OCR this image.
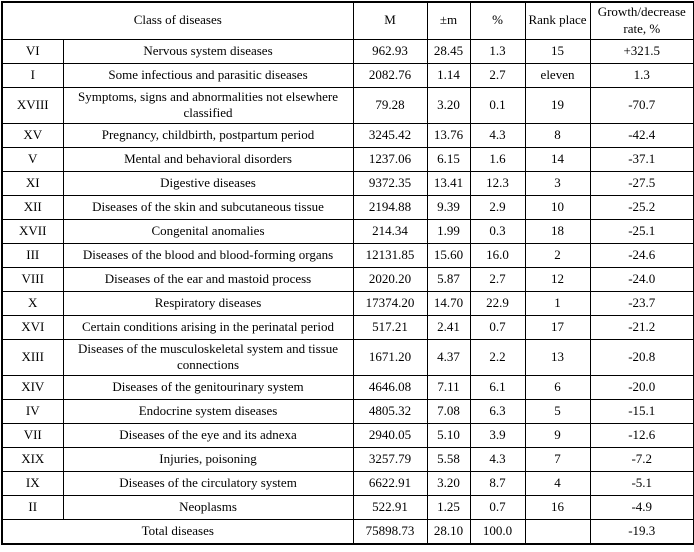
Class of diseases		M	±m	%	Rank place	Growth/decrease rate, %
VI	Nervous system diseases	962.93	28.45	1.3	15	+321.5
I	Some infectious and parasitic diseases	2082.76	1.14	2.7	eleven	1.3
XVIII	Symptoms, signs and abnormalities not elsewhere classified	79.28	3.20	0.1	19	-70.7
XV	Pregnancy, childbirth, postpartum period	3245.42	13.76	4.3	8	-42.4
V	Mental and behavioral disorders	1237.06	6.15	1.6	14	-37.1
XI	Digestive diseases	9372.35	13.41	12.3	3	-27.5
XII	Diseases of the skin and subcutaneous tissue	2194.88	9.39	2.9	10	-25.2
XVII	Congenital anomalies	214.34	1.99	0.3	18	-25.1
III	Diseases of the blood and blood-forming organs	12131.85	15.60	16.0	2	-24.6
VIII	Diseases of the ear and mastoid process	2020.20	5.87	2.7	12	-24.0
X	Respiratory diseases	17374.20	14.70	22.9	1	-23.7
XVI	Certain conditions arising in the perinatal period	517.21	2.41	0.7	17	-21.2
XIII	Diseases of the musculoskeletal system and tissue connections	1671.20	4.37	2.2	13	-20.8
XIV	Diseases of the genitourinary system	4646.08	7.11	6.1	6	-20.0
IV	Endocrine system diseases	4805.32	7.08	6.3	5	-15.1
VII	Diseases of the eye and its adnexa	2940.05	5.10	3.9	9	-12.6
XIX	Injuries, poisoning	3257.79	5.58	4.3	7	-7.2
IX	Diseases of the circulatory system	6622.91	3.20	8.7	4	-5.1
II	Neoplasms	522.91	1.25	0.7	16	-4.9
Total diseases		75898.73	28.10	100.0		-19.3
